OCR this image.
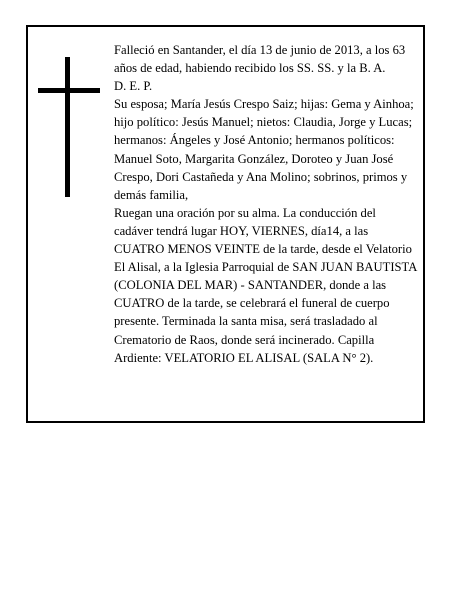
Falleció en Santander, el día 13 de junio de 2013, a los 63 años de edad, habiendo recibido los SS. SS. y la B. A.

D. E. P.

Su esposa; María Jesús Crespo Saiz; hijas: Gema y Ainhoa; hijo político: Jesús Manuel; nietos: Claudia, Jorge y Lucas; hermanos: Ángeles y José Antonio; hermanos políticos: Manuel Soto, Margarita González, Doroteo y Juan José Crespo, Dori Castañeda y Ana Molino; sobrinos, primos y demás familia,

Ruegan una oración por su alma. La conducción del cadáver tendrá lugar HOY, VIERNES, día14, a las CUATRO MENOS VEINTE de la tarde, desde el Velatorio El Alisal, a la Iglesia Parroquial de SAN JUAN BAUTISTA (COLONIA DEL MAR) - SANTANDER, donde a las CUATRO de la tarde, se celebrará el funeral de cuerpo presente. Terminada la santa misa, será trasladado al Crematorio de Raos, donde será incinerado. Capilla Ardiente: VELATORIO EL ALISAL (SALA N° 2).
